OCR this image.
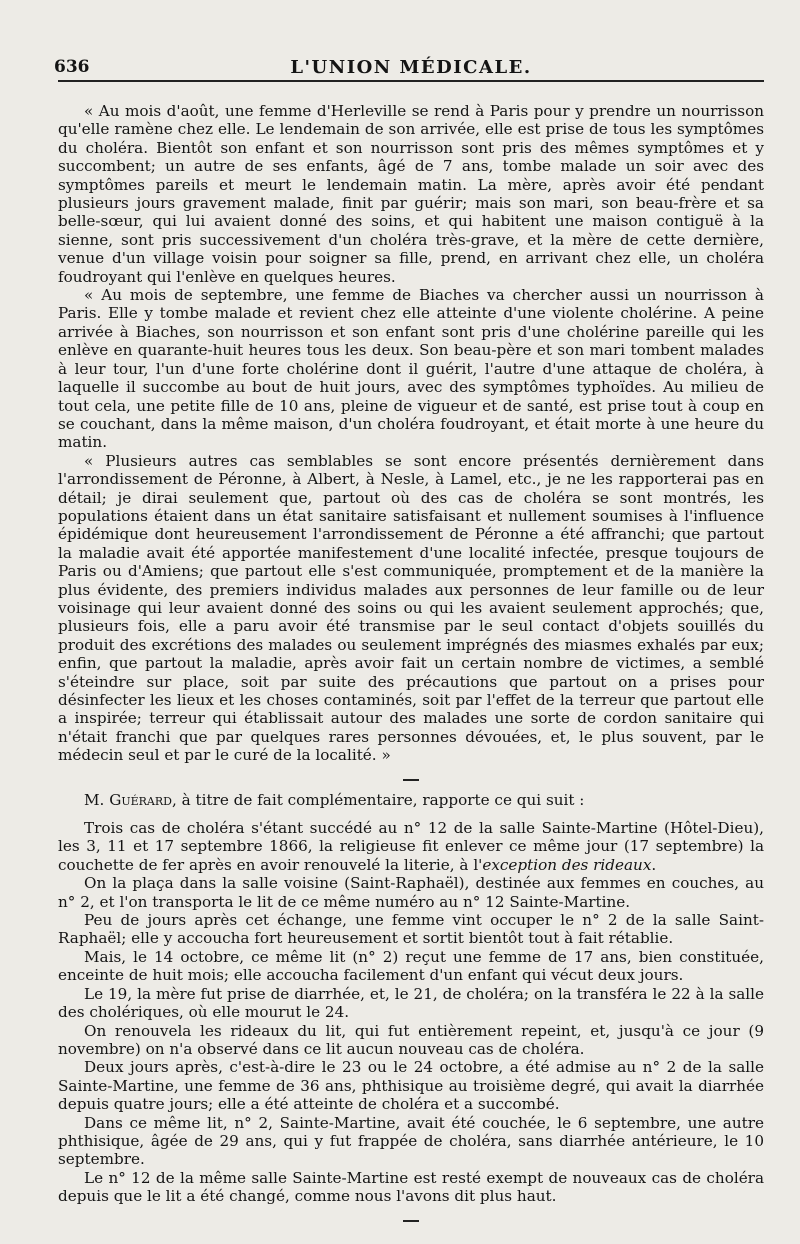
636	L'UNION MÉDICALE.

« Au mois d'août, une femme d'Herleville se rend à Paris pour y prendre un nourrisson qu'elle ramène chez elle. Le lendemain de son arrivée, elle est prise de tous les symptômes du choléra. Bientôt son enfant et son nourrisson sont pris des mêmes symptômes et y succombent; un autre de ses enfants, âgé de 7 ans, tombe malade un soir avec des symptômes pareils et meurt le lendemain matin. La mère, après avoir été pendant plusieurs jours gravement malade, finit par guérir; mais son mari, son beau-frère et sa belle-sœur, qui lui avaient donné des soins, et qui habitent une maison contiguë à la sienne, sont pris successivement d'un choléra très-grave, et la mère de cette dernière, venue d'un village voisin pour soigner sa fille, prend, en arrivant chez elle, un choléra foudroyant qui l'enlève en quelques heures.

« Au mois de septembre, une femme de Biaches va chercher aussi un nourrisson à Paris. Elle y tombe malade et revient chez elle atteinte d'une violente cholérine. A peine arrivée à Biaches, son nourrisson et son enfant sont pris d'une cholérine pareille qui les enlève en quarante-huit heures tous les deux. Son beau-père et son mari tombent malades à leur tour, l'un d'une forte cholérine dont il guérit, l'autre d'une attaque de choléra, à laquelle il succombe au bout de huit jours, avec des symptômes typhoïdes. Au milieu de tout cela, une petite fille de 10 ans, pleine de vigueur et de santé, est prise tout à coup en se couchant, dans la même maison, d'un choléra foudroyant, et était morte à une heure du matin.

« Plusieurs autres cas semblables se sont encore présentés dernièrement dans l'arrondissement de Péronne, à Albert, à Nesle, à Lamel, etc., je ne les rapporterai pas en détail; je dirai seulement que, partout où des cas de choléra se sont montrés, les populations étaient dans un état sanitaire satisfaisant et nullement soumises à l'influence épidémique dont heureusement l'arrondissement de Péronne a été affranchi; que partout la maladie avait été apportée manifestement d'une localité infectée, presque toujours de Paris ou d'Amiens; que partout elle s'est communiquée, promptement et de la manière la plus évidente, des premiers individus malades aux personnes de leur famille ou de leur voisinage qui leur avaient donné des soins ou qui les avaient seulement approchés; que, plusieurs fois, elle a paru avoir été transmise par le seul contact d'objets souillés du produit des excrétions des malades ou seulement imprégnés des miasmes exhalés par eux; enfin, que partout la maladie, après avoir fait un certain nombre de victimes, a semblé s'éteindre sur place, soit par suite des précautions que partout on a prises pour désinfecter les lieux et les choses contaminés, soit par l'effet de la terreur que partout elle a inspirée; terreur qui établissait autour des malades une sorte de cordon sanitaire qui n'était franchi que par quelques rares personnes dévouées, et, le plus souvent, par le médecin seul et par le curé de la localité. »

M. Guérard, à titre de fait complémentaire, rapporte ce qui suit :

Trois cas de choléra s'étant succédé au n° 12 de la salle Sainte-Martine (Hôtel-Dieu), les 3, 11 et 17 septembre 1866, la religieuse fit enlever ce même jour (17 septembre) la couchette de fer après en avoir renouvelé la literie, à l'exception des rideaux.

On la plaça dans la salle voisine (Saint-Raphaël), destinée aux femmes en couches, au n° 2, et l'on transporta le lit de ce même numéro au n° 12 Sainte-Martine.

Peu de jours après cet échange, une femme vint occuper le n° 2 de la salle Saint-Raphaël; elle y accoucha fort heureusement et sortit bientôt tout à fait rétablie.

Mais, le 14 octobre, ce même lit (n° 2) reçut une femme de 17 ans, bien constituée, enceinte de huit mois; elle accoucha facilement d'un enfant qui vécut deux jours.

Le 19, la mère fut prise de diarrhée, et, le 21, de choléra; on la transféra le 22 à la salle des cholériques, où elle mourut le 24.

On renouvela les rideaux du lit, qui fut entièrement repeint, et, jusqu'à ce jour (9 novembre) on n'a observé dans ce lit aucun nouveau cas de choléra.

Deux jours après, c'est-à-dire le 23 ou le 24 octobre, a été admise au n° 2 de la salle Sainte-Martine, une femme de 36 ans, phthisique au troisième degré, qui avait la diarrhée depuis quatre jours; elle a été atteinte de choléra et a succombé.

Dans ce même lit, n° 2, Sainte-Martine, avait été couchée, le 6 septembre, une autre phthisique, âgée de 29 ans, qui y fut frappée de choléra, sans diarrhée antérieure, le 10 septembre.

Le n° 12 de la même salle Sainte-Martine est resté exempt de nouveaux cas de choléra depuis que le lit a été changé, comme nous l'avons dit plus haut.
